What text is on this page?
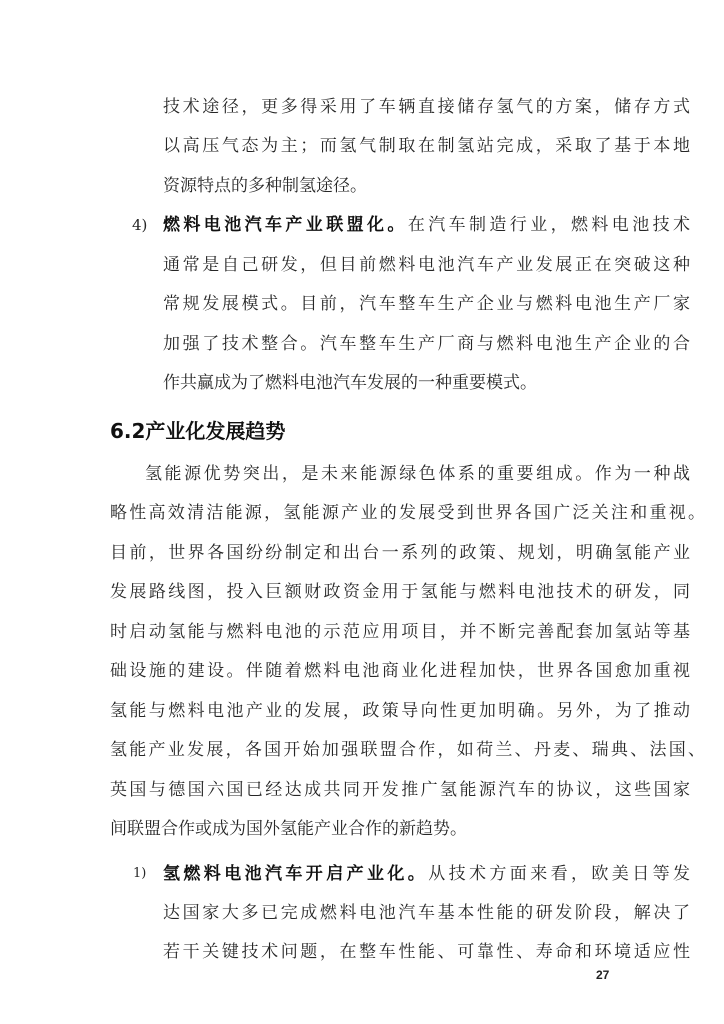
技术途径，更多得采用了车辆直接储存氢气的方案，储存方式
以高压气态为主；而氢气制取在制氢站完成，采取了基于本地
资源特点的多种制氢途径。
4) 燃料电池汽车产业联盟化。在汽车制造行业，燃料电池技术
通常是自己研发，但目前燃料电池汽车产业发展正在突破这种
常规发展模式。目前，汽车整车生产企业与燃料电池生产厂家
加强了技术整合。汽车整车生产厂商与燃料电池生产企业的合
作共赢成为了燃料电池汽车发展的一种重要模式。
6.2产业化发展趋势
氢能源优势突出，是未来能源绿色体系的重要组成。作为一种战
略性高效清洁能源，氢能源产业的发展受到世界各国广泛关注和重视。
目前，世界各国纷纷制定和出台一系列的政策、规划，明确氢能产业
发展路线图，投入巨额财政资金用于氢能与燃料电池技术的研发，同
时启动氢能与燃料电池的示范应用项目，并不断完善配套加氢站等基
础设施的建设。伴随着燃料电池商业化进程加快，世界各国愈加重视
氢能与燃料电池产业的发展，政策导向性更加明确。另外，为了推动
氢能产业发展，各国开始加强联盟合作，如荷兰、丹麦、瑞典、法国、
英国与德国六国已经达成共同开发推广氢能源汽车的协议，这些国家
间联盟合作或成为国外氢能产业合作的新趋势。
1) 氢燃料电池汽车开启产业化。从技术方面来看，欧美日等发
达国家大多已完成燃料电池汽车基本性能的研发阶段，解决了
若干关键技术问题，在整车性能、可靠性、寿命和环境适应性
27
